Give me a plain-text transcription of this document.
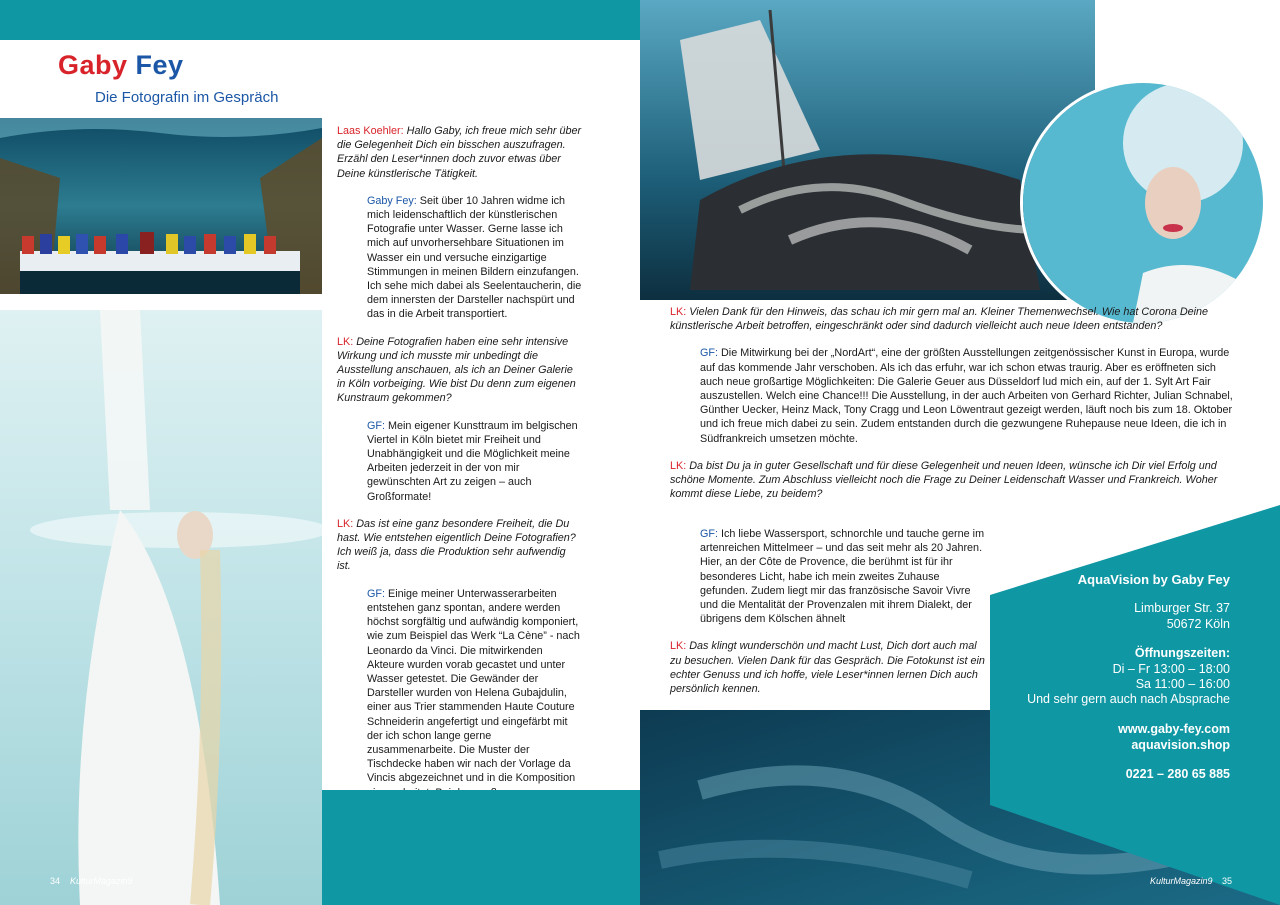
Gaby Fey
Die Fotografin im Gespräch

Laas Koehler: Hallo Gaby, ich freue mich sehr über die Gelegenheit Dich ein bisschen auszufragen. Erzähl den Leser*innen doch zuvor etwas über Deine künstlerische Tätigkeit.

Gaby Fey: Seit über 10 Jahren widme ich mich leidenschaftlich der künstlerischen Fotografie unter Wasser. Gerne lasse ich mich auf unvorhersehbare Situationen im Wasser ein und versuche einzigartige Stimmungen in meinen Bildern einzufangen. Ich sehe mich dabei als Seelentaucherin, die dem innersten der Darsteller nachspürt und das in die Arbeit transportiert.

LK: Deine Fotografien haben eine sehr intensive Wirkung und ich musste mir unbedingt die Ausstellung anschauen, als ich an Deiner Galerie in Köln vorbeiging. Wie bist Du denn zum eigenen Kunstraum gekommen?

GF: Mein eigener Kunsttraum im belgischen Viertel in Köln bietet mir Freiheit und Unabhängigkeit und die Möglichkeit meine Arbeiten jederzeit in der von mir gewünschten Art zu zeigen – auch Großformate!

LK: Das ist eine ganz besondere Freiheit, die Du hast. Wie entstehen eigentlich Deine Fotografien? Ich weiß ja, dass die Produktion sehr aufwendig ist.

GF: Einige meiner Unterwasserarbeiten entstehen ganz spontan, andere werden höchst sorgfältig und aufwändig komponiert, wie zum Beispiel das Werk “La Cène” - nach Leonardo da Vinci. Die mitwirkenden Akteure wurden vorab gecastet und unter Wasser getestet. Die Gewänder der Darsteller wurden von Helena Gubajdulin, einer aus Trier stammenden Haute Couture Schneiderin angefertigt und eingefärbt mit der ich schon lange gerne zusammenarbeite. Die Muster der Tischdecke haben wir nach der Vorlage da Vincis abgezeichnet und in die Komposition

LK: Vielen Dank für den Hinweis, das schau ich mir gern mal an. Kleiner Themenwechsel. Wie hat Corona Deine künstlerische Arbeit betroffen, eingeschränkt oder sind dadurch vielleicht auch neue Ideen entstanden?

GF: Die Mitwirkung bei der „NordArt“, eine der größten Ausstellungen zeitgenössischer Kunst in Europa, wurde auf das kommende Jahr verschoben. Als ich das erfuhr, war ich schon etwas traurig. Aber es eröffneten sich auch neue großartige Möglichkeiten: Die Galerie Geuer aus Düsseldorf lud mich ein, auf der 1. Sylt Art Fair auszustellen. Welch eine Chance!!! Die Ausstellung, in der auch Arbeiten von Gerhard Richter, Julian Schnabel, Günther Uecker, Heinz Mack, Tony Cragg und Leon Löwentraut gezeigt werden, läuft noch bis zum 18. Oktober und ich freue mich dabei zu sein. Zudem entstanden durch die gezwungene Ruhepause neue Ideen, die ich in Südfrankreich umsetzen möchte.

LK: Da bist Du ja in guter Gesellschaft und für diese Gelegenheit und neuen Ideen, wünsche ich Dir viel Erfolg und schöne Momente. Zum Abschluss vielleicht noch die Frage zu Deiner Leidenschaft Wasser und Frankreich. Woher kommt diese Liebe, zu beidem?

GF: Ich liebe Wassersport, schnorchle und tauche gerne im artenreichen Mittelmeer – und das seit mehr als 20 Jahren. Hier, an der Côte de Provence, die berühmt ist für ihr besonderes Licht, habe ich mein zweites Zuhause gefunden. Zudem liegt mir das französische Savoir Vivre und die Mentalität der Provenzalen mit ihrem Dialekt, der übrigens dem Kölschen ähnelt

LK: Das klingt wunderschön und macht Lust, Dich dort auch mal zu besuchen. Vielen Dank für das Gespräch. Die Fotokunst ist ein echter Genuss und ich hoffe, viele Leser*innen lernen Dich auch persönlich kennen.

AquaVision by Gaby Fey
Limburger Str. 37
50672 Köln
Öffnungszeiten:
Di – Fr 13:00 – 18:00
Sa 11:00 – 16:00
Und sehr gern auch nach Absprache
www.gaby-fey.com
aquavision.shop
0221 – 280 65 885
34 KulturMagazin9	KulturMagazin9 35
